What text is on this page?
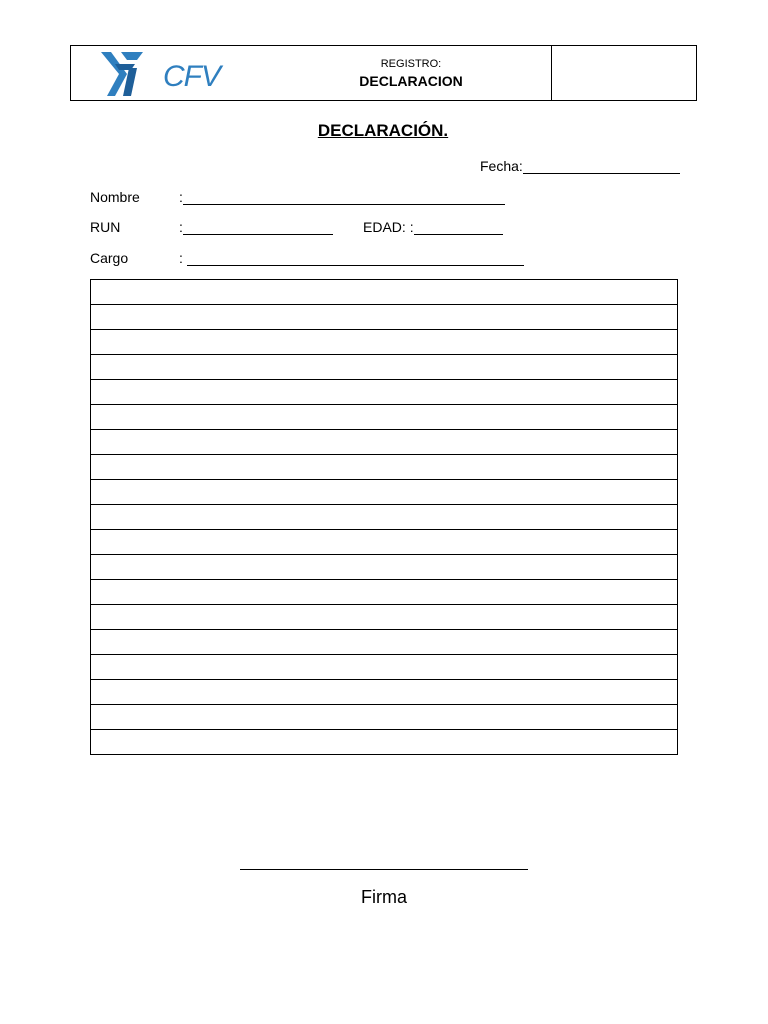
CFV	REGISTRO:
DECLARACION
DECLARACIÓN.
Fecha:
Nombre	:
RUN	:	EDAD: :
Cargo	:

Firma
